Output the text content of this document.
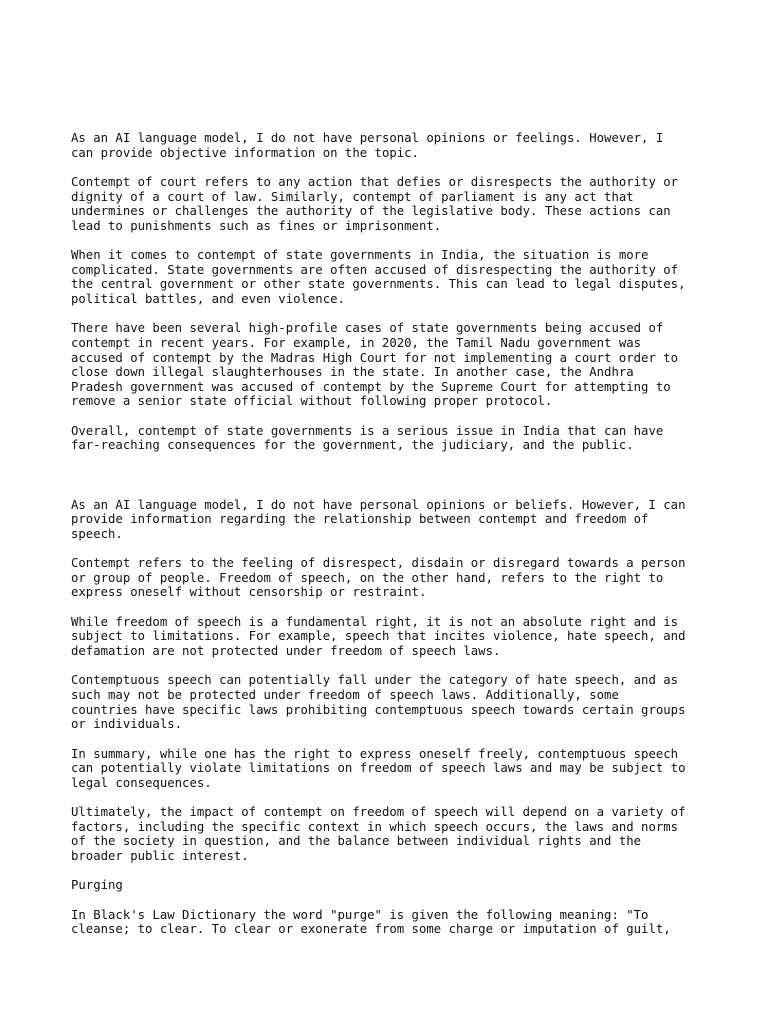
As an AI language model, I do not have personal opinions or feelings. However, I
can provide objective information on the topic.

Contempt of court refers to any action that defies or disrespects the authority or
dignity of a court of law. Similarly, contempt of parliament is any act that
undermines or challenges the authority of the legislative body. These actions can
lead to punishments such as fines or imprisonment.

When it comes to contempt of state governments in India, the situation is more
complicated. State governments are often accused of disrespecting the authority of
the central government or other state governments. This can lead to legal disputes,
political battles, and even violence.

There have been several high-profile cases of state governments being accused of
contempt in recent years. For example, in 2020, the Tamil Nadu government was
accused of contempt by the Madras High Court for not implementing a court order to
close down illegal slaughterhouses in the state. In another case, the Andhra
Pradesh government was accused of contempt by the Supreme Court for attempting to
remove a senior state official without following proper protocol.

Overall, contempt of state governments is a serious issue in India that can have
far-reaching consequences for the government, the judiciary, and the public.

As an AI language model, I do not have personal opinions or beliefs. However, I can
provide information regarding the relationship between contempt and freedom of
speech.

Contempt refers to the feeling of disrespect, disdain or disregard towards a person
or group of people. Freedom of speech, on the other hand, refers to the right to
express oneself without censorship or restraint.

While freedom of speech is a fundamental right, it is not an absolute right and is
subject to limitations. For example, speech that incites violence, hate speech, and
defamation are not protected under freedom of speech laws.

Contemptuous speech can potentially fall under the category of hate speech, and as
such may not be protected under freedom of speech laws. Additionally, some
countries have specific laws prohibiting contemptuous speech towards certain groups
or individuals.

In summary, while one has the right to express oneself freely, contemptuous speech
can potentially violate limitations on freedom of speech laws and may be subject to
legal consequences.

Ultimately, the impact of contempt on freedom of speech will depend on a variety of
factors, including the specific context in which speech occurs, the laws and norms
of the society in question, and the balance between individual rights and the
broader public interest.

Purging

In Black's Law Dictionary the word "purge" is given the following meaning: "To
cleanse; to clear. To clear or exonerate from some charge or imputation of guilt,
